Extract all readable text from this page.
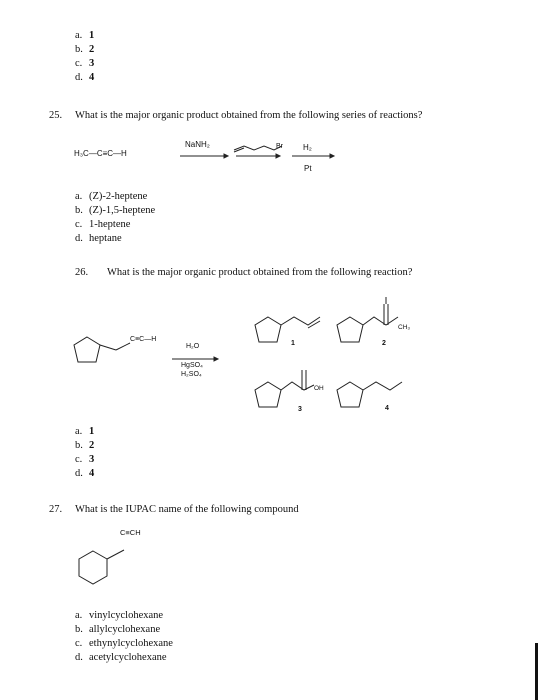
a. 1
b. 2
c. 3
d. 4
25. What is the major organic product obtained from the following series of reactions?
H₃C—C≡C—H
NaNH₂	Br	H₂
Pt
a. (Z)-2-heptene
b. (Z)-1,5-heptene
c. 1-heptene
d. heptane
26. What is the major organic product obtained from the following reaction?
C≡C—H
H₂O
HgSO₄
H₂SO₄
1	2
CH₃
3
OH
4
a. 1
b. 2
c. 3
d. 4
27. What is the IUPAC name of the following compound
C≡CH
a. vinylcyclohexane
b. allylcyclohexane
c. ethynylcyclohexane
d. acetylcyclohexane
